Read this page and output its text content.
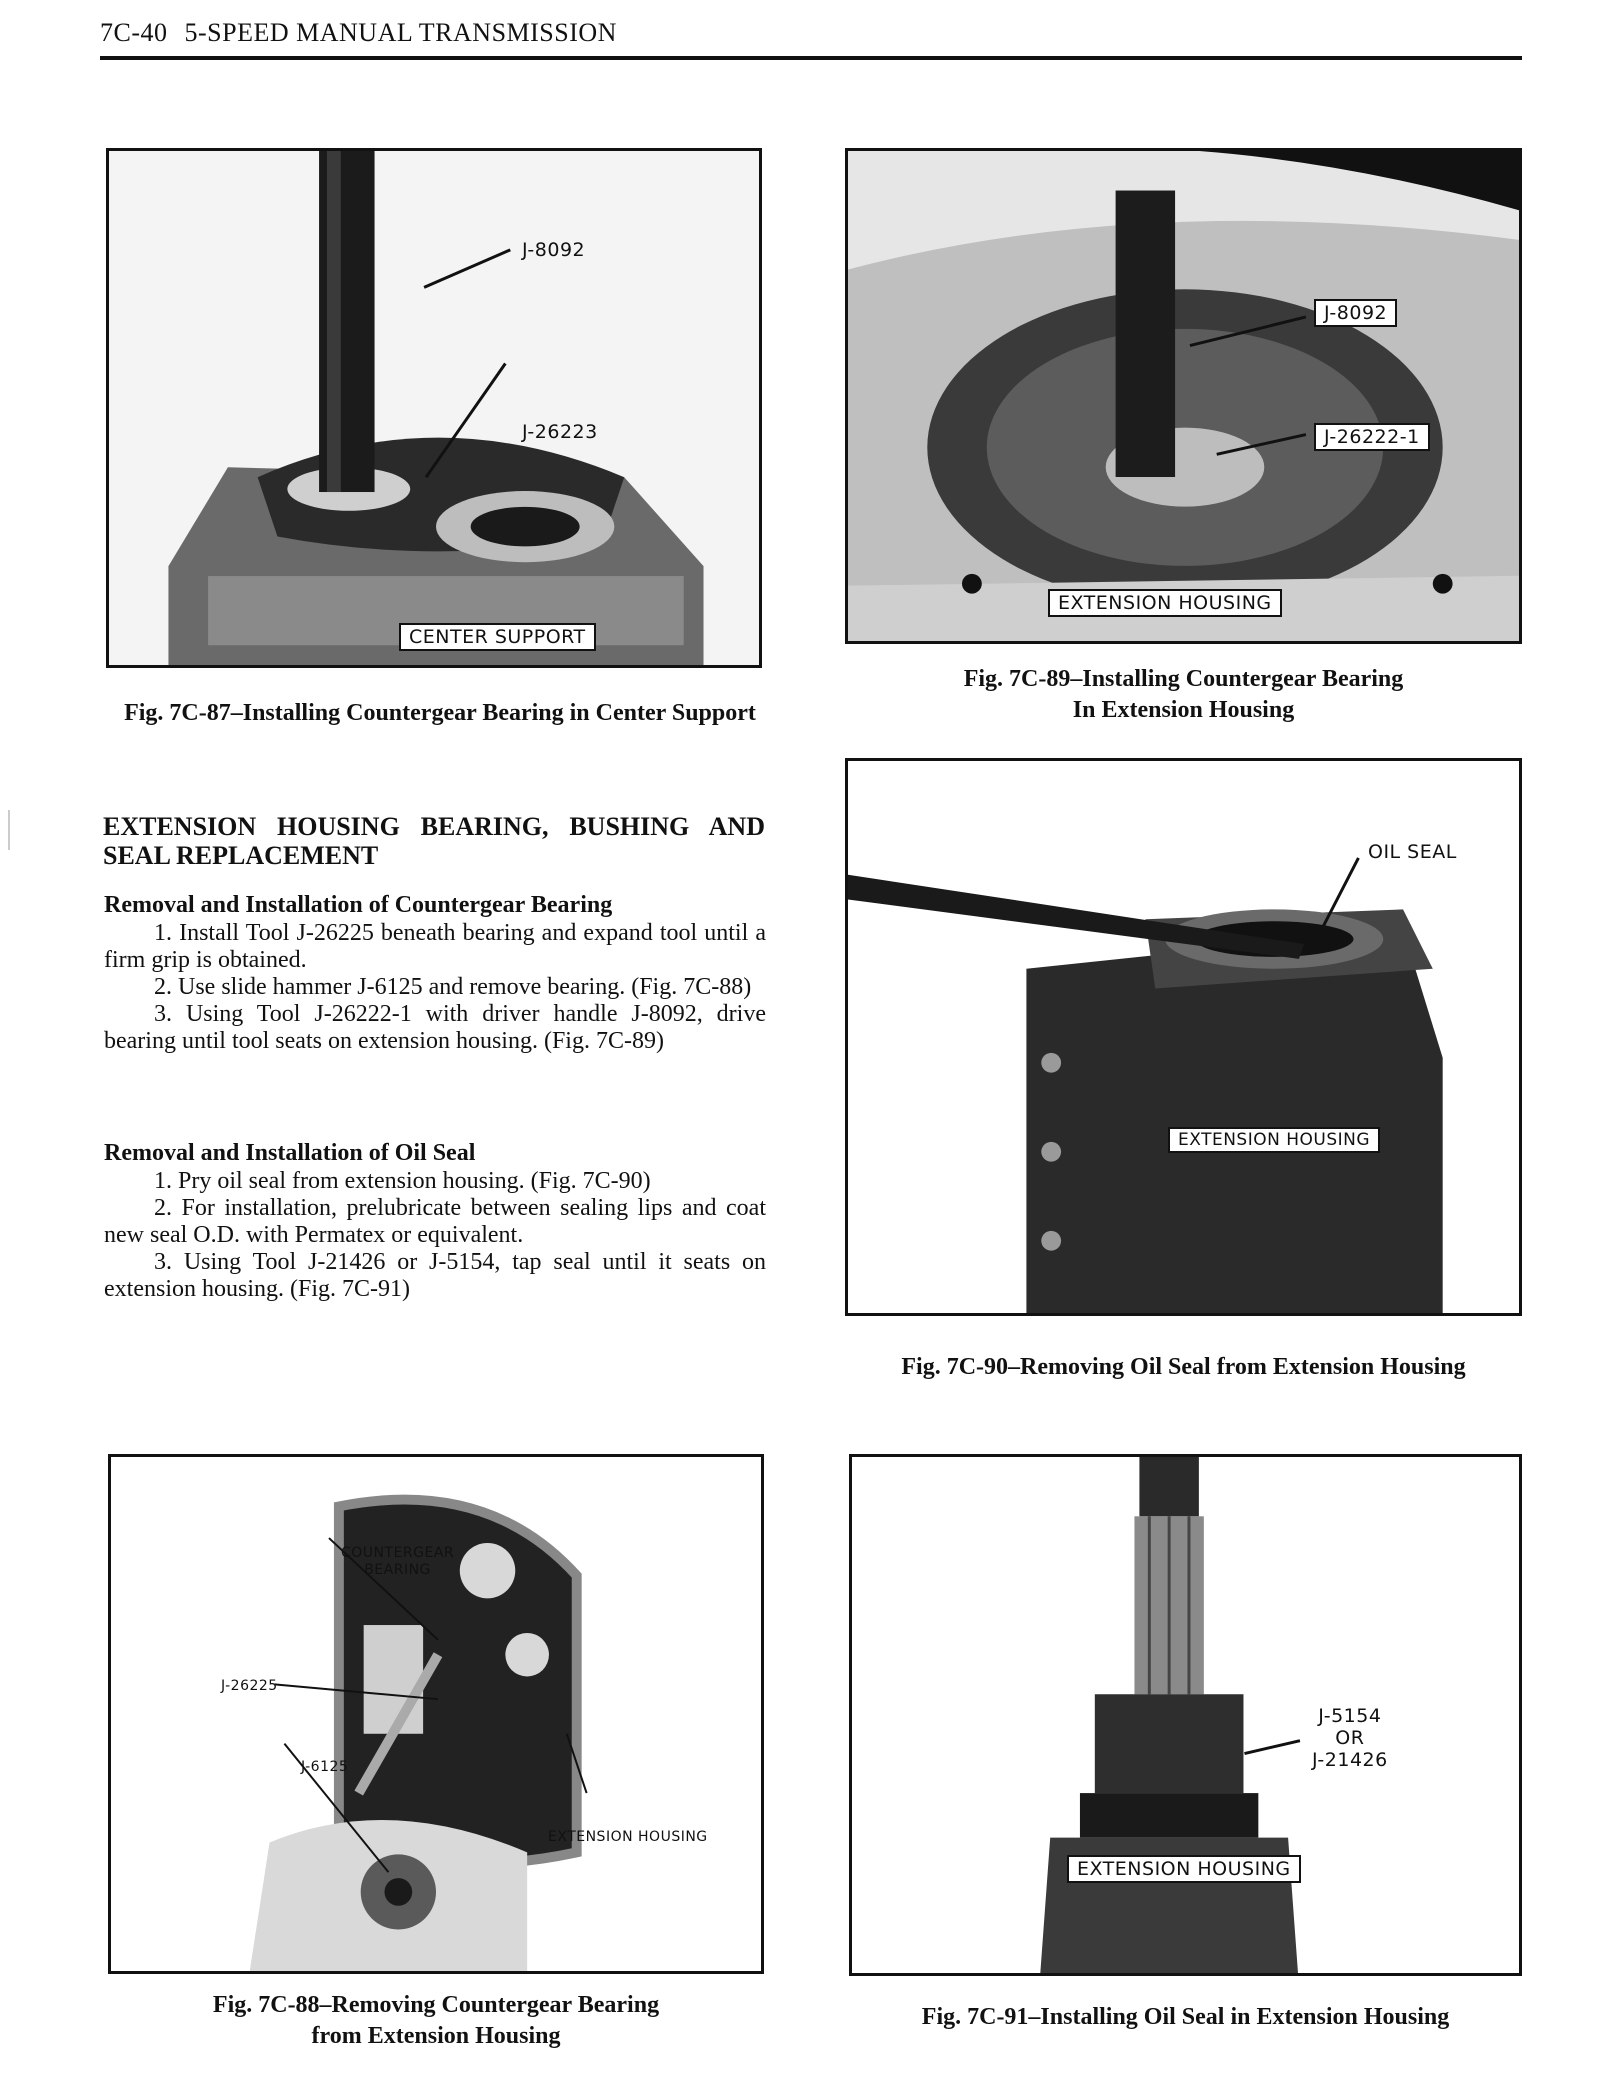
7C-40 5-SPEED MANUAL TRANSMISSION
J-8092
J-26223
CENTER SUPPORT
Fig. 7C-87–Installing Countergear Bearing in Center Support
J-8092
J-26222-1
EXTENSION HOUSING
Fig. 7C-89–Installing Countergear Bearing
In Extension Housing
EXTENSION HOUSING BEARING, BUSHING AND SEAL REPLACEMENT
Removal and Installation of Countergear Bearing

1. Install Tool J-26225 beneath bearing and expand tool until a firm grip is obtained.

2. Use slide hammer J-6125 and remove bearing. (Fig. 7C-88)

3. Using Tool J-26222-1 with driver handle J-8092, drive bearing until tool seats on extension housing. (Fig. 7C-89)

Removal and Installation of Oil Seal

1. Pry oil seal from extension housing. (Fig. 7C-90)

2. For installation, prelubricate between sealing lips and coat new seal O.D. with Permatex or equivalent.

3. Using Tool J-21426 or J-5154, tap seal until it seats on extension housing. (Fig. 7C-91)

OIL SEAL
EXTENSION HOUSING
Fig. 7C-90–Removing Oil Seal from Extension Housing
COUNTERGEAR
BEARING
J-26225
J-6125
EXTENSION HOUSING
Fig. 7C-88–Removing Countergear Bearing
from Extension Housing
J-5154
OR
J-21426
EXTENSION HOUSING
Fig. 7C-91–Installing Oil Seal in Extension Housing
